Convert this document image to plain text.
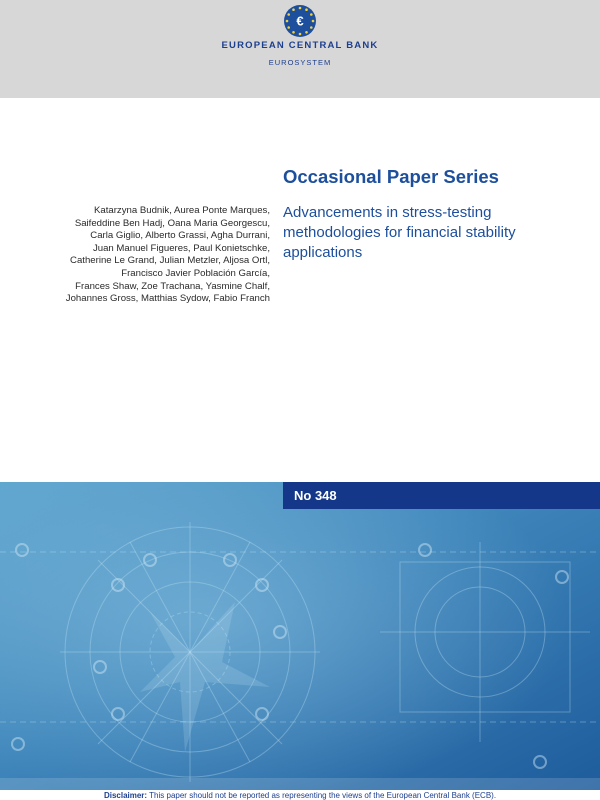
€
EUROPEAN CENTRAL BANK
EUROSYSTEM
Occasional Paper Series
Advancements in stress-testing
methodologies for financial stability
applications
Katarzyna Budnik, Aurea Ponte Marques,
Saifeddine Ben Hadj, Oana Maria Georgescu,
Carla Giglio, Alberto Grassi, Agha Durrani,
Juan Manuel Figueres, Paul Konietschke,
Catherine Le Grand, Julian Metzler, Aljosa Ortl,
Francisco Javier Población García,
Frances Shaw, Zoe Trachana, Yasmine Chalf,
Johannes Gross, Matthias Sydow, Fabio Franch
No 348
Disclaimer: This paper should not be reported as representing the views of the European Central Bank (ECB).
